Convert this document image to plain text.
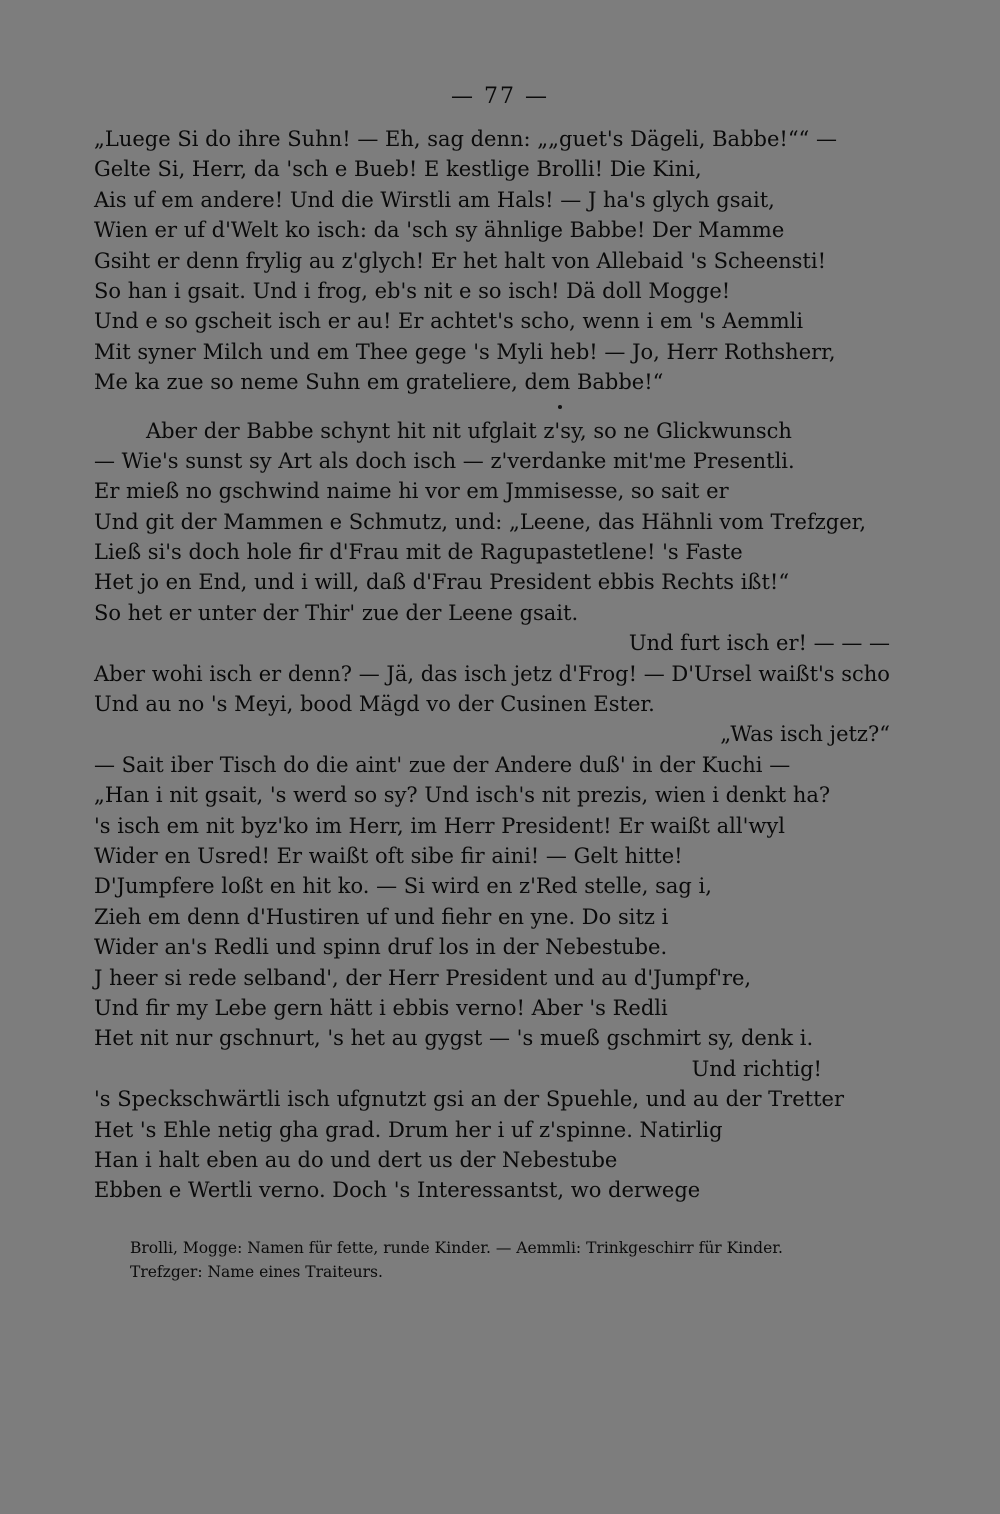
— 77 —
„Luege Si do ihre Suhn! — Eh, sag denn: „„guet's Dägeli, Babbe!““ —
Gelte Si, Herr, da 'sch e Bueb! E kestlige Brolli! Die Kini,
Ais uf em andere! Und die Wirstli am Hals! — J ha's glych gsait,
Wien er uf d'Welt ko isch: da 'sch sy ähnlige Babbe! Der Mamme
Gsiht er denn frylig au z'glych! Er het halt von Allebaid 's Scheensti!
So han i gsait. Und i frog, eb's nit e so isch! Dä doll Mogge!
Und e so gscheit isch er au! Er achtet's scho, wenn i em 's Aemmli
Mit syner Milch und em Thee gege 's Myli heb! — Jo, Herr Rothsherr,
Me ka zue so neme Suhn em grateliere, dem Babbe!“
Aber der Babbe schynt hit nit ufglait z'sy, so ne Glickwunsch
— Wie's sunst sy Art als doch isch — z'verdanke mit'me Presentli.
Er mieß no gschwind naime hi vor em Jmmisesse, so sait er
Und git der Mammen e Schmutz, und: „Leene, das Hähnli vom Trefzger,
Ließ si's doch hole fir d'Frau mit de Ragupastetlene! 's Faste
Het jo en End, und i will, daß d'Frau President ebbis Rechts ißt!“
So het er unter der Thir' zue der Leene gsait.
Und furt isch er! — — —
Aber wohi isch er denn? — Jä, das isch jetz d'Frog! — D'Ursel waißt's scho
Und au no 's Meyi, bood Mägd vo der Cusinen Ester.
„Was isch jetz?“
— Sait iber Tisch do die aint' zue der Andere duß' in der Kuchi —
„Han i nit gsait, 's werd so sy? Und isch's nit prezis, wien i denkt ha?
's isch em nit byz'ko im Herr, im Herr President! Er waißt all'wyl
Wider en Usred! Er waißt oft sibe fir aini! — Gelt hitte!
D'Jumpfere loßt en hit ko. — Si wird en z'Red stelle, sag i,
Zieh em denn d'Hustiren uf und fiehr en yne. Do sitz i
Wider an's Redli und spinn druf los in der Nebestube.
J heer si rede selband', der Herr President und au d'Jumpf're,
Und fir my Lebe gern hätt i ebbis verno! Aber 's Redli
Het nit nur gschnurt, 's het au gygst — 's mueß gschmirt sy, denk i.
Und richtig!
's Speckschwärtli isch ufgnutzt gsi an der Spuehle, und au der Tretter
Het 's Ehle netig gha grad. Drum her i uf z'spinne. Natirlig
Han i halt eben au do und dert us der Nebestube
Ebben e Wertli verno. Doch 's Interessantst, wo derwege
Brolli, Mogge: Namen für fette, runde Kinder. — Aemmli: Trinkgeschirr für Kinder.
Trefzger: Name eines Traiteurs.
